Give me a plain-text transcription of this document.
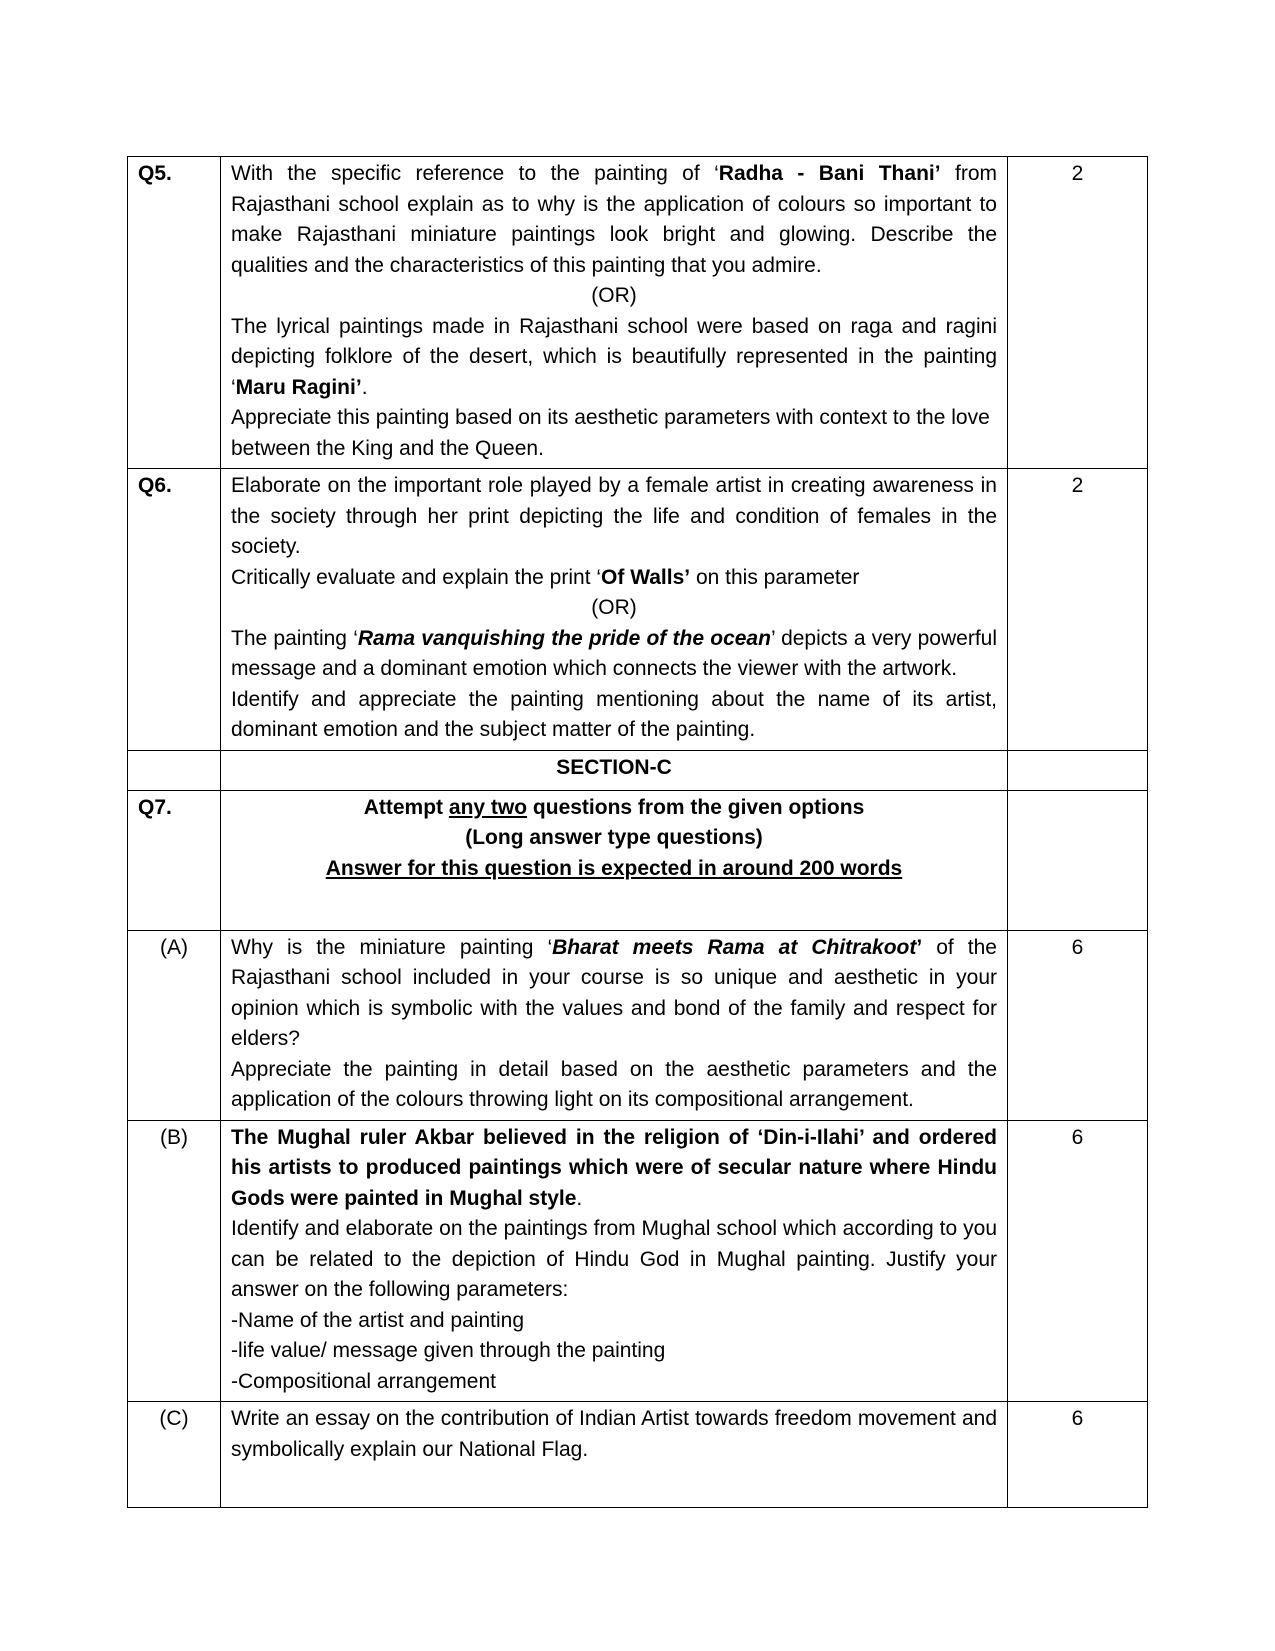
Q5.	With the specific reference to the painting of ‘Radha - Bani Thani’ from Rajasthani school explain as to why is the application of colours so important to make Rajasthani miniature paintings look bright and glowing. Describe the qualities and the characteristics of this painting that you admire.

(OR)

The lyrical paintings made in Rajasthani school were based on raga and ragini depicting folklore of the desert, which is beautifully represented in the painting ‘Maru Ragini’.

Appreciate this painting based on its aesthetic parameters with context to the love between the King and the Queen.	2
Q6.	Elaborate on the important role played by a female artist in creating awareness in the society through her print depicting the life and condition of females in the society.

Critically evaluate and explain the print ‘Of Walls’ on this parameter

(OR)

The painting ‘Rama vanquishing the pride of the ocean’ depicts a very powerful message and a dominant emotion which connects the viewer with the artwork.

Identify and appreciate the painting mentioning about the name of its artist, dominant emotion and the subject matter of the painting.	2
	SECTION-C	
Q7.	Attempt any two questions from the given options

(Long answer type questions)

Answer for this question is expected in around 200 words	

(A)	Why is the miniature painting ‘Bharat meets Rama at Chitrakoot’ of the Rajasthani school included in your course is so unique and aesthetic in your opinion which is symbolic with the values and bond of the family and respect for elders?

Appreciate the painting in detail based on the aesthetic parameters and the application of the colours throwing light on its compositional arrangement.	6
(B)	The Mughal ruler Akbar believed in the religion of ‘Din-i-Ilahi’ and ordered his artists to produced paintings which were of secular nature where Hindu Gods were painted in Mughal style.

Identify and elaborate on the paintings from Mughal school which according to you can be related to the depiction of Hindu God in Mughal painting. Justify your answer on the following parameters:

-Name of the artist and painting

-life value/ message given through the painting

-Compositional arrangement	6
(C)	Write an essay on the contribution of Indian Artist towards freedom movement and symbolically explain our National Flag.	6
